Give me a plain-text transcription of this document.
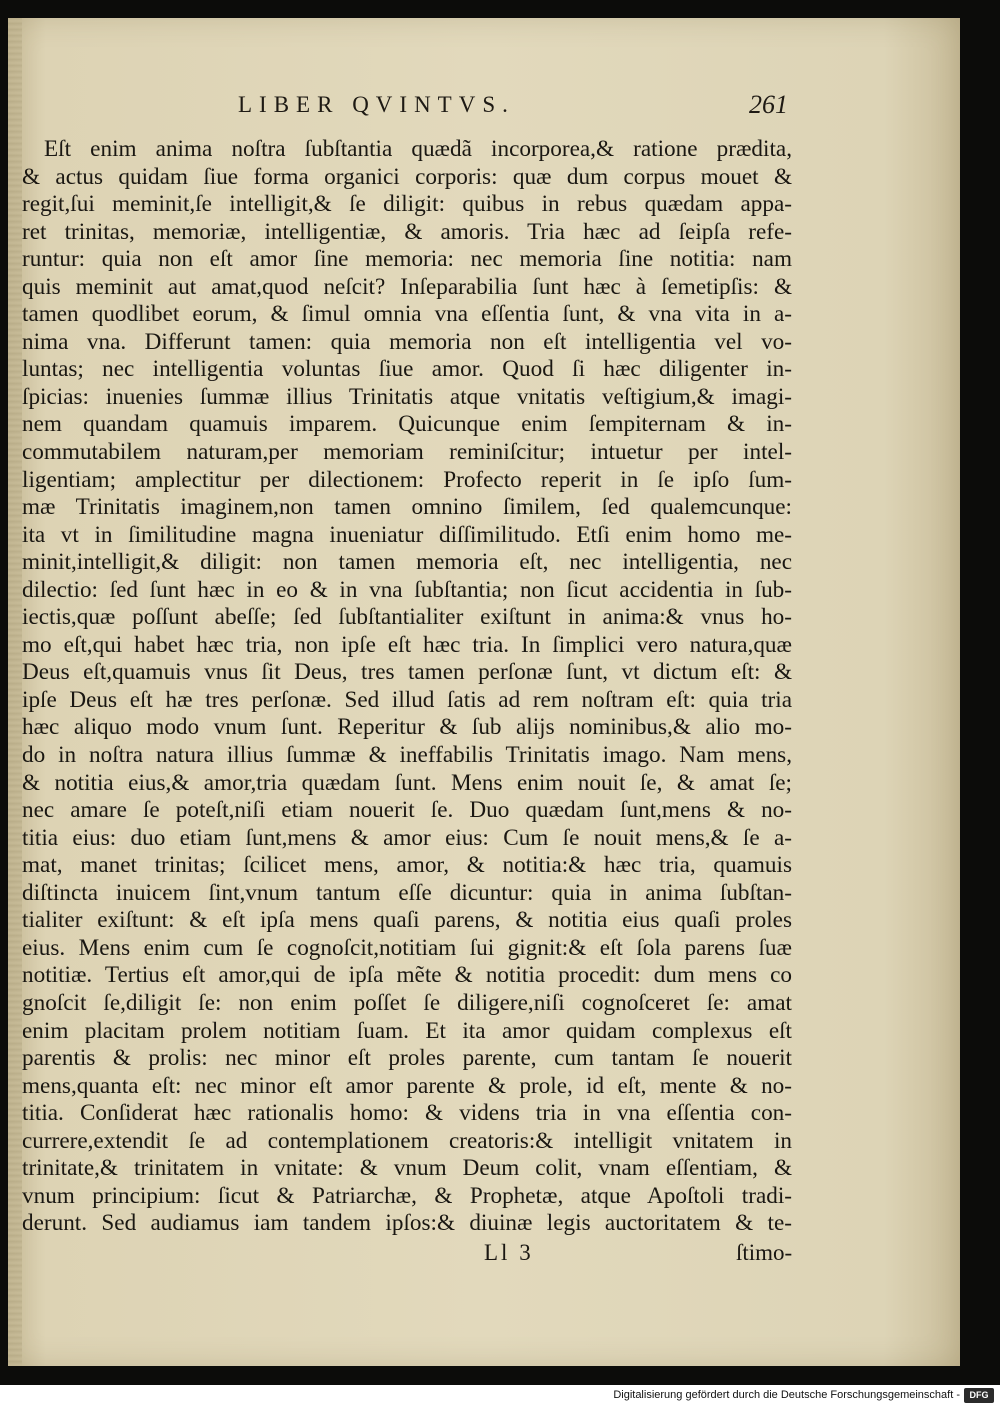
LIBER QVINTVS.	261
Eſt enim anima noſtra ſubſtantia quædã incorporea,& ratione prædita,
& actus quidam ſiue forma organici corporis: quæ dum corpus mouet &
regit,ſui meminit,ſe intelligit,& ſe diligit: quibus in rebus quædam appa-
ret trinitas, memoriæ, intelligentiæ, & amoris. Tria hæc ad ſeipſa refe-
runtur: quia non eſt amor ſine memoria: nec memoria ſine notitia: nam
quis meminit aut amat,quod neſcit? Inſeparabilia ſunt hæc à ſemetipſis: &
tamen quodlibet eorum, & ſimul omnia vna eſſentia ſunt, & vna vita in a-
nima vna. Differunt tamen: quia memoria non eſt intelligentia vel vo-
luntas; nec intelligentia voluntas ſiue amor. Quod ſi hæc diligenter in-
ſpicias: inuenies ſummæ illius Trinitatis atque vnitatis veſtigium,& imagi-
nem quandam quamuis imparem. Quicunque enim ſempiternam & in-
commutabilem naturam,per memoriam reminiſcitur; intuetur per intel-
ligentiam; amplectitur per dilectionem: Profecto reperit in ſe ipſo ſum-
mæ Trinitatis imaginem,non tamen omnino ſimilem, ſed qualemcunque:
ita vt in ſimilitudine magna inueniatur diſſimilitudo. Etſi enim homo me-
minit,intelligit,& diligit: non tamen memoria eſt, nec intelligentia, nec
dilectio: ſed ſunt hæc in eo & in vna ſubſtantia; non ſicut accidentia in ſub-
iectis,quæ poſſunt abeſſe; ſed ſubſtantialiter exiſtunt in anima:& vnus ho-
mo eſt,qui habet hæc tria, non ipſe eſt hæc tria. In ſimplici vero natura,quæ
Deus eſt,quamuis vnus ſit Deus, tres tamen perſonæ ſunt, vt dictum eſt: &
ipſe Deus eſt hæ tres perſonæ. Sed illud ſatis ad rem noſtram eſt: quia tria
hæc aliquo modo vnum ſunt. Reperitur & ſub alijs nominibus,& alio mo-
do in noſtra natura illius ſummæ & ineffabilis Trinitatis imago. Nam mens,
& notitia eius,& amor,tria quædam ſunt. Mens enim nouit ſe, & amat ſe;
nec amare ſe poteſt,niſi etiam nouerit ſe. Duo quædam ſunt,mens & no-
titia eius: duo etiam ſunt,mens & amor eius: Cum ſe nouit mens,& ſe a-
mat, manet trinitas; ſcilicet mens, amor, & notitia:& hæc tria, quamuis
diſtincta inuicem ſint,vnum tantum eſſe dicuntur: quia in anima ſubſtan-
tialiter exiſtunt: & eſt ipſa mens quaſi parens, & notitia eius quaſi proles
eius. Mens enim cum ſe cognoſcit,notitiam ſui gignit:& eſt ſola parens ſuæ
notitiæ. Tertius eſt amor,qui de ipſa mẽte & notitia procedit: dum mens co
gnoſcit ſe,diligit ſe: non enim poſſet ſe diligere,niſi cognoſceret ſe: amat
enim placitam prolem notitiam ſuam. Et ita amor quidam complexus eſt
parentis & prolis: nec minor eſt proles parente, cum tantam ſe nouerit
mens,quanta eſt: nec minor eſt amor parente & prole, id eſt, mente & no-
titia. Conſiderat hæc rationalis homo: & videns tria in vna eſſentia con-
currere,extendit ſe ad contemplationem creatoris:& intelligit vnitatem in
trinitate,& trinitatem in vnitate: & vnum Deum colit, vnam eſſentiam, &
vnum principium: ſicut & Patriarchæ, & Prophetæ, atque Apoſtoli tradi-
derunt. Sed audiamus iam tandem ipſos:& diuinæ legis auctoritatem & te-
Ll 3	ſtimo-
Digitalisierung gefördert durch die Deutsche Forschungsgemeinschaft -	DFG
